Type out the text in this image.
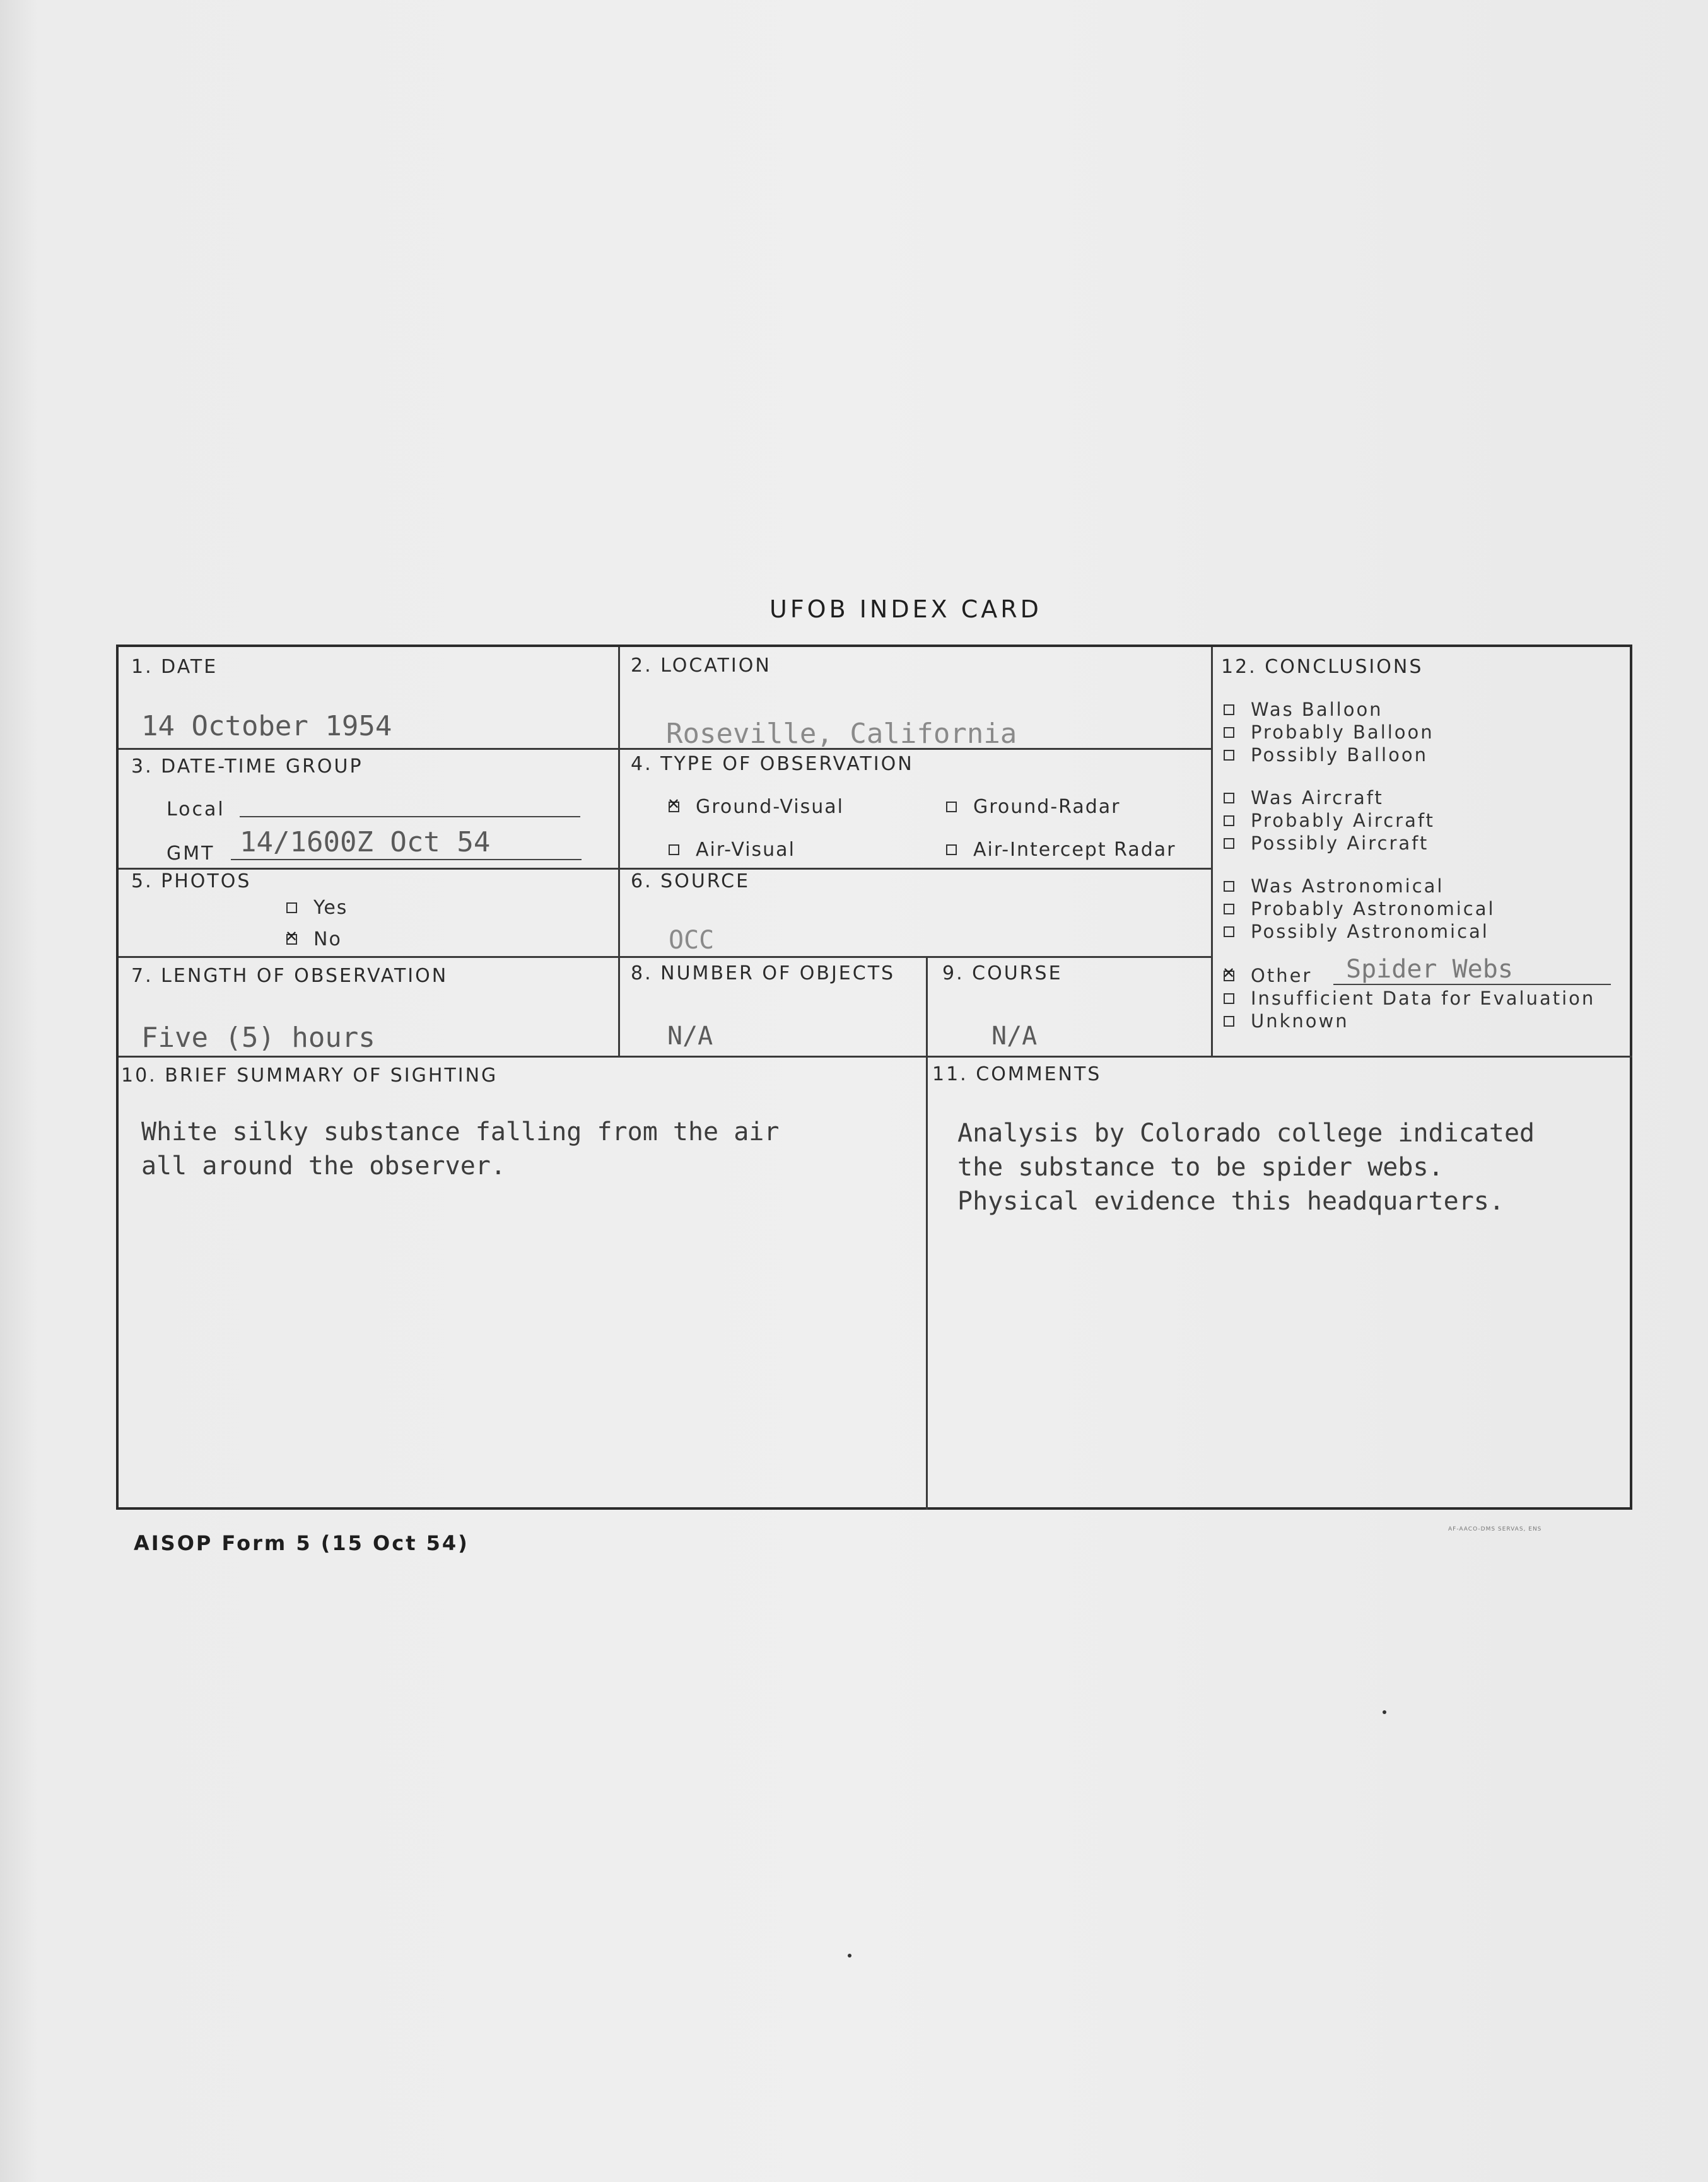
UFOB INDEX CARD
1. DATE
14 October 1954
2. LOCATION
Roseville, California
3. DATE-TIME GROUP
Local
GMT 14/1600Z Oct 54
4. TYPE OF OBSERVATION
✕
Ground-Visual	Ground-Radar
Air-Visual	Air-Intercept Radar
5. PHOTOS
Yes
✕
No
6. SOURCE
OCC
7. LENGTH OF OBSERVATION
Five (5) hours
8. NUMBER OF OBJECTS
N/A
9. COURSE
N/A
10. BRIEF SUMMARY OF SIGHTING
White silky substance falling from the air
all around the observer.
11. COMMENTS
Analysis by Colorado college indicated
the substance to be spider webs.
Physical evidence this headquarters.
12. CONCLUSIONS
Was Balloon
Probably Balloon
Possibly Balloon
Was Aircraft
Probably Aircraft
Possibly Aircraft
Was Astronomical
Probably Astronomical
Possibly Astronomical
✕
Other Spider Webs
Insufficient Data for Evaluation
Unknown
AISOP Form 5 (15 Oct 54)
AF-AACO-DMS SERVAS, ENS
